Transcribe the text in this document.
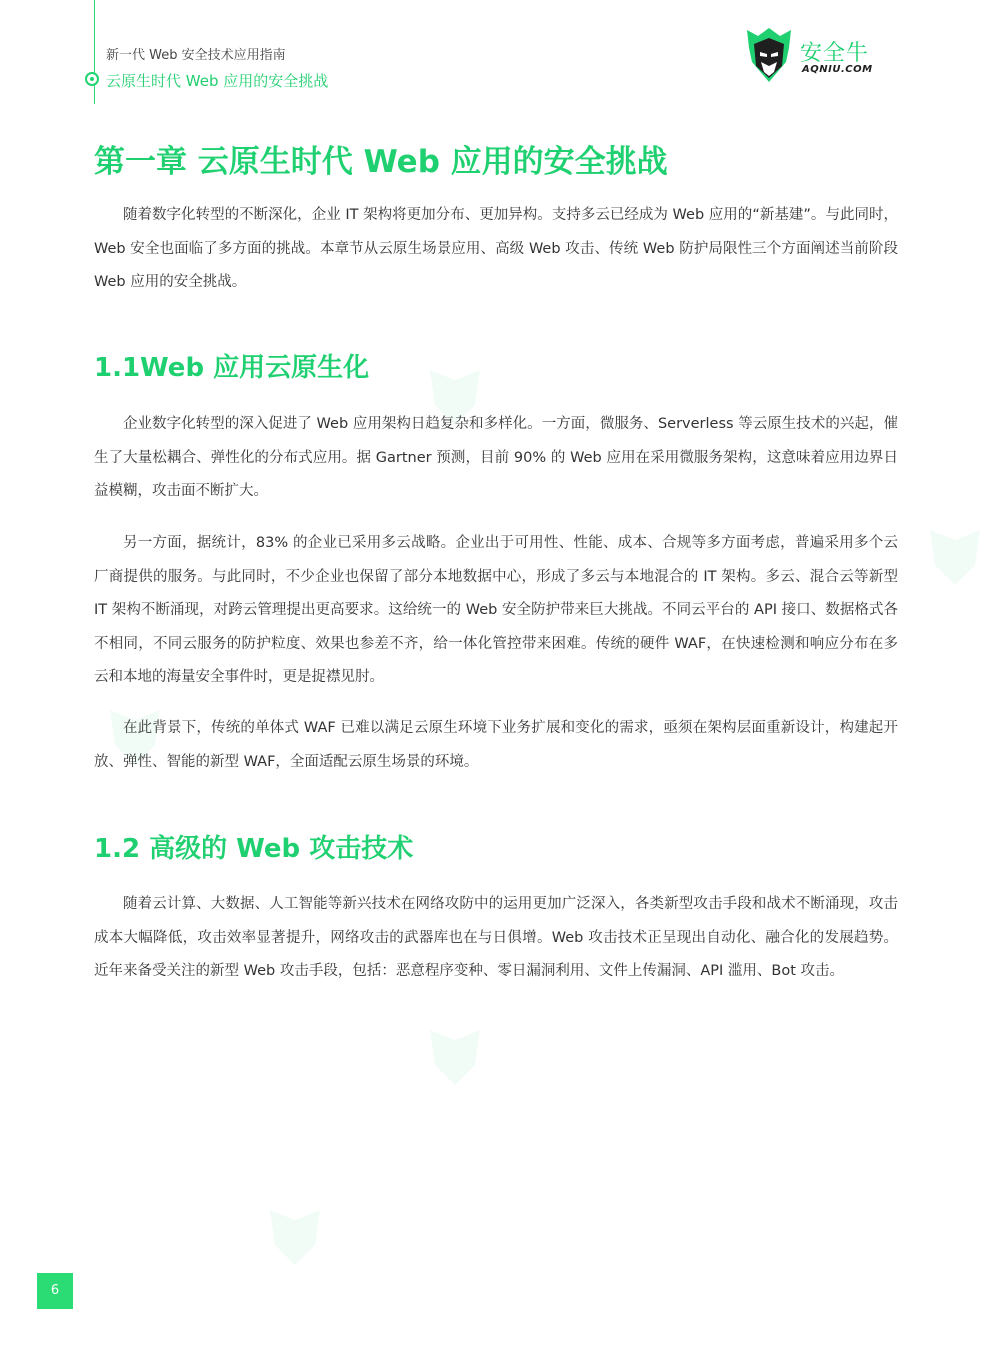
新一代 Web 安全技术应用指南
云原生时代 Web 应用的安全挑战
安全牛
AQNIU.COM
第一章 云原生时代 Web 应用的安全挑战

随着数字化转型的不断深化，企业 IT 架构将更加分布、更加异构。支持多云已经成为 Web 应用的“新基建”。与此同时，Web 安全也面临了多方面的挑战。本章节从云原生场景应用、高级 Web 攻击、传统 Web 防护局限性三个方面阐述当前阶段 Web 应用的安全挑战。

1.1Web 应用云原生化

企业数字化转型的深入促进了 Web 应用架构日趋复杂和多样化。一方面，微服务、Serverless 等云原生技术的兴起，催生了大量松耦合、弹性化的分布式应用。据 Gartner 预测，目前 90% 的 Web 应用在采用微服务架构，这意味着应用边界日益模糊，攻击面不断扩大。

另一方面，据统计，83% 的企业已采用多云战略。企业出于可用性、性能、成本、合规等多方面考虑，普遍采用多个云厂商提供的服务。与此同时，不少企业也保留了部分本地数据中心，形成了多云与本地混合的 IT 架构。多云、混合云等新型 IT 架构不断涌现，对跨云管理提出更高要求。这给统一的 Web 安全防护带来巨大挑战。不同云平台的 API 接口、数据格式各不相同，不同云服务的防护粒度、效果也参差不齐，给一体化管控带来困难。传统的硬件 WAF，在快速检测和响应分布在多云和本地的海量安全事件时，更是捉襟见肘。

在此背景下，传统的单体式 WAF 已难以满足云原生环境下业务扩展和变化的需求，亟须在架构层面重新设计，构建起开放、弹性、智能的新型 WAF，全面适配云原生场景的环境。

1.2 高级的 Web 攻击技术

随着云计算、大数据、人工智能等新兴技术在网络攻防中的运用更加广泛深入，各类新型攻击手段和战术不断涌现，攻击成本大幅降低，攻击效率显著提升，网络攻击的武器库也在与日俱增。Web 攻击技术正呈现出自动化、融合化的发展趋势。近年来备受关注的新型 Web 攻击手段，包括：恶意程序变种、零日漏洞利用、文件上传漏洞、API 滥用、Bot 攻击。

6
